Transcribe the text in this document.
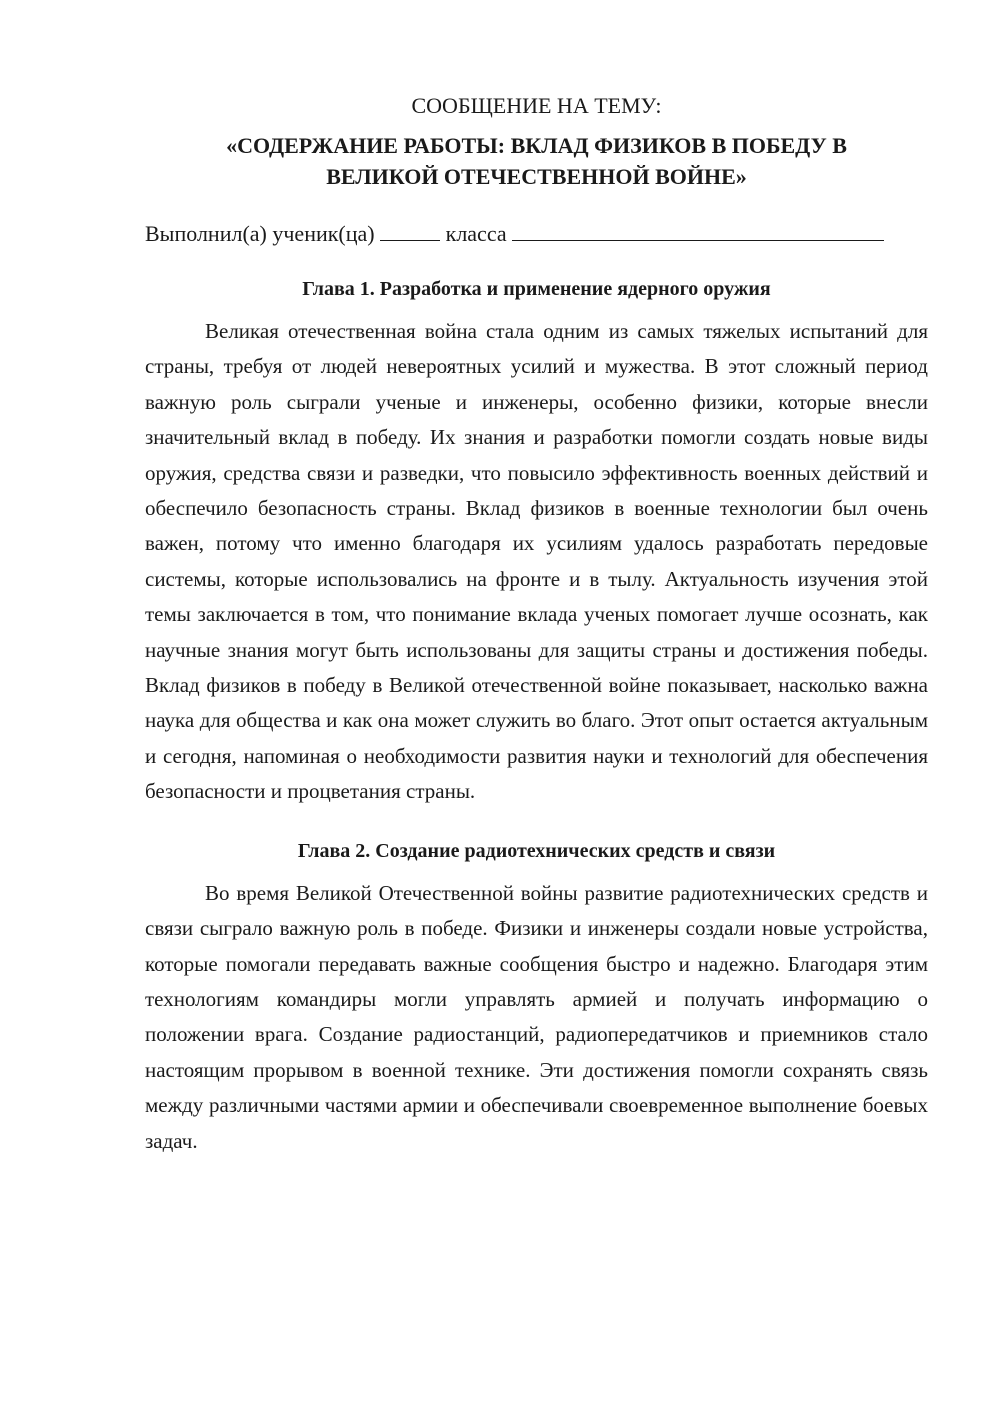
СООБЩЕНИЕ НА ТЕМУ:

«СОДЕРЖАНИЕ РАБОТЫ: ВКЛАД ФИЗИКОВ В ПОБЕДУ В ВЕЛИКОЙ ОТЕЧЕСТВЕННОЙ ВОЙНЕ»

Выполнил(а) ученик(ца)	класса
Глава 1. Разработка и применение ядерного оружия

Великая отечественная война стала одним из самых тяжелых испытаний для страны, требуя от людей невероятных усилий и мужества. В этот сложный период важную роль сыграли ученые и инженеры, особенно физики, которые внесли значительный вклад в победу. Их знания и разработки помогли создать новые виды оружия, средства связи и разведки, что повысило эффективность военных действий и обеспечило безопасность страны. Вклад физиков в военные технологии был очень важен, потому что именно благодаря их усилиям удалось разработать передовые системы, которые использовались на фронте и в тылу. Актуальность изучения этой темы заключается в том, что понимание вклада ученых помогает лучше осознать, как научные знания могут быть использованы для защиты страны и достижения победы. Вклад физиков в победу в Великой отечественной войне показывает, насколько важна наука для общества и как она может служить во благо. Этот опыт остается актуальным и сегодня, напоминая о необходимости развития науки и технологий для обеспечения безопасности и процветания страны.

Глава 2. Создание радиотехнических средств и связи

Во время Великой Отечественной войны развитие радиотехнических средств и связи сыграло важную роль в победе. Физики и инженеры создали новые устройства, которые помогали передавать важные сообщения быстро и надежно. Благодаря этим технологиям командиры могли управлять армией и получать информацию о положении врага. Создание радиостанций, радиопередатчиков и приемников стало настоящим прорывом в военной технике. Эти достижения помогли сохранять связь между различными частями армии и обеспечивали своевременное выполнение боевых задач.
